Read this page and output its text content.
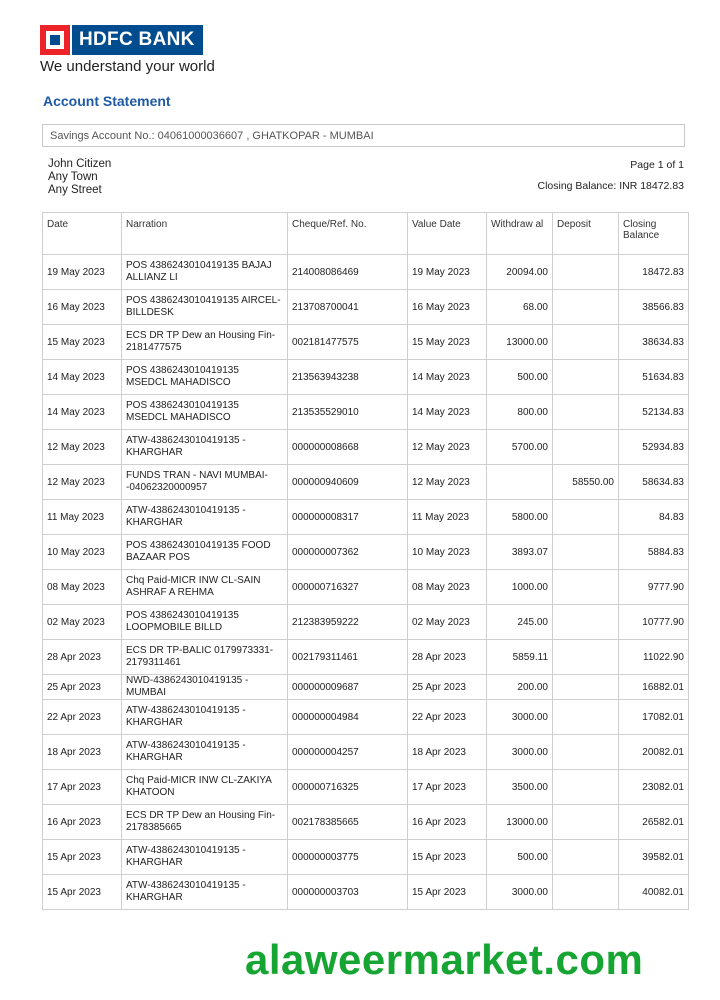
HDFC BANK
We understand your world
Account Statement
Savings Account No.: 04061000036607 , GHATKOPAR - MUMBAI
John Citizen
Any Town
Any Street
Page 1 of 1
Closing Balance: INR 18472.83
Date	Narration	Cheque/Ref. No.	Value Date	Withdraw al	Deposit	Closing Balance
19 May 2023	POS 4386243010419135 BAJAJ ALLIANZ LI	214008086469	19 May 2023	20094.00		18472.83
16 May 2023	POS 4386243010419135 AIRCEL-BILLDESK	213708700041	16 May 2023	68.00		38566.83
15 May 2023	ECS DR TP Dew an Housing Fin-2181477575	002181477575	15 May 2023	13000.00		38634.83
14 May 2023	POS 4386243010419135 MSEDCL MAHADISCO	213563943238	14 May 2023	500.00		51634.83
14 May 2023	POS 4386243010419135 MSEDCL MAHADISCO	213535529010	14 May 2023	800.00		52134.83
12 May 2023	ATW-4386243010419135 - KHARGHAR	000000008668	12 May 2023	5700.00		52934.83
12 May 2023	FUNDS TRAN - NAVI MUMBAI- -04062320000957	000000940609	12 May 2023		58550.00	58634.83
11 May 2023	ATW-4386243010419135 - KHARGHAR	000000008317	11 May 2023	5800.00		84.83
10 May 2023	POS 4386243010419135 FOOD BAZAAR POS	000000007362	10 May 2023	3893.07		5884.83
08 May 2023	Chq Paid-MICR INW CL-SAIN ASHRAF A REHMA	000000716327	08 May 2023	1000.00		9777.90
02 May 2023	POS 4386243010419135 LOOPMOBILE BILLD	212383959222	02 May 2023	245.00		10777.90
28 Apr 2023	ECS DR TP-BALIC 0179973331-2179311461	002179311461	28 Apr 2023	5859.11		11022.90
25 Apr 2023	NWD-4386243010419135 -MUMBAI	000000009687	25 Apr 2023	200.00		16882.01
22 Apr 2023	ATW-4386243010419135 - KHARGHAR	000000004984	22 Apr 2023	3000.00		17082.01
18 Apr 2023	ATW-4386243010419135 - KHARGHAR	000000004257	18 Apr 2023	3000.00		20082.01
17 Apr 2023	Chq Paid-MICR INW CL-ZAKIYA KHATOON	000000716325	17 Apr 2023	3500.00		23082.01
16 Apr 2023	ECS DR TP Dew an Housing Fin-2178385665	002178385665	16 Apr 2023	13000.00		26582.01
15 Apr 2023	ATW-4386243010419135 - KHARGHAR	000000003775	15 Apr 2023	500.00		39582.01
15 Apr 2023	ATW-4386243010419135 - KHARGHAR	000000003703	15 Apr 2023	3000.00		40082.01
alaweermarket.com
